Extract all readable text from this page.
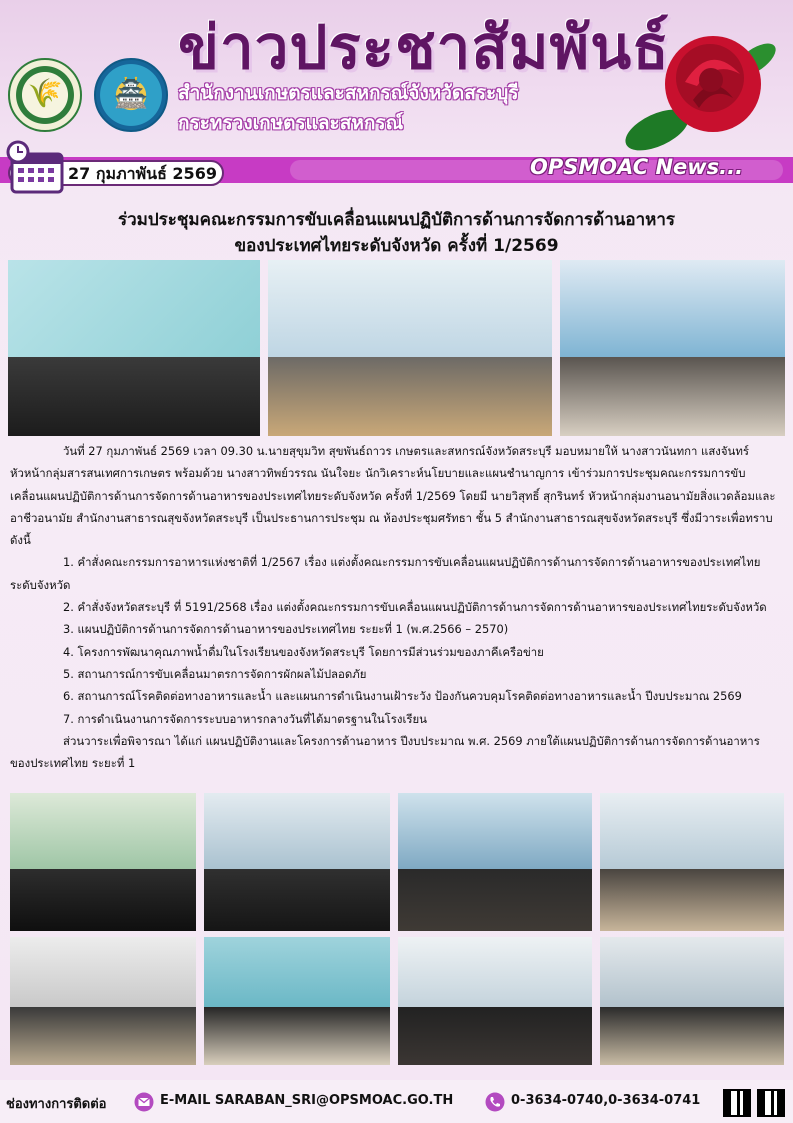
🌾 🏯
ข่าวประชาสัมพันธ์
สำนักงานเกษตรและสหกรณ์จังหวัดสระบุรี
กระทรวงเกษตรและสหกรณ์
OPSMOAC News...
27 กุมภาพันธ์ 2569
ร่วมประชุมคณะกรรมการขับเคลื่อนแผนปฏิบัติการด้านการจัดการด้านอาหาร
ของประเทศไทยระดับจังหวัด ครั้งที่ 1/2569

วันที่ 27 กุมภาพันธ์ 2569 เวลา 09.30 น.นายสุขุมวิท สุขพันธ์ถาวร เกษตรและสหกรณ์จังหวัดสระบุรี มอบหมายให้ นางสาวนันทกา แสงจันทร์ หัวหน้ากลุ่มสารสนเทศการเกษตร พร้อมด้วย นางสาวทิพย์วรรณ นันใจยะ นักวิเคราะห์นโยบายและแผนชำนาญการ เข้าร่วมการประชุมคณะกรรมการขับเคลื่อนแผนปฏิบัติการด้านการจัดการด้านอาหารของประเทศไทยระดับจังหวัด ครั้งที่ 1/2569 โดยมี นายวิสุทธิ์ สุกรินทร์ หัวหน้ากลุ่มงานอนามัยสิ่งแวดล้อมและอาชีวอนามัย สำนักงานสาธารณสุขจังหวัดสระบุรี เป็นประธานการประชุม ณ ห้องประชุมศรัทธา ชั้น 5 สำนักงานสาธารณสุขจังหวัดสระบุรี ซึ่งมีวาระเพื่อทราบ ดังนี้

1. คำสั่งคณะกรรมการอาหารแห่งชาติที่ 1/2567 เรื่อง แต่งตั้งคณะกรรมการขับเคลื่อนแผนปฏิบัติการด้านการจัดการด้านอาหารของประเทศไทยระดับจังหวัด

2. คำสั่งจังหวัดสระบุรี ที่ 5191/2568 เรื่อง แต่งตั้งคณะกรรมการขับเคลื่อนแผนปฏิบัติการด้านการจัดการด้านอาหารของประเทศไทยระดับจังหวัด

3. แผนปฏิบัติการด้านการจัดการด้านอาหารของประเทศไทย ระยะที่ 1 (พ.ศ.2566 – 2570)

4. โครงการพัฒนาคุณภาพน้ำดื่มในโรงเรียนของจังหวัดสระบุรี โดยการมีส่วนร่วมของภาคีเครือข่าย

5. สถานการณ์การขับเคลื่อนมาตรการจัดการผักผลไม้ปลอดภัย

6. สถานการณ์โรคติดต่อทางอาหารและน้ำ และแผนการดำเนินงานเฝ้าระวัง ป้องกันควบคุมโรคติดต่อทางอาหารและน้ำ ปีงบประมาณ 2569

7. การดำเนินงานการจัดการระบบอาหารกลางวันที่ได้มาตรฐานในโรงเรียน

ส่วนวาระเพื่อพิจารณา ได้แก่ แผนปฏิบัติงานและโครงการด้านอาหาร ปีงบประมาณ พ.ศ. 2569 ภายใต้แผนปฏิบัติการด้านการจัดการด้านอาหารของประเทศไทย ระยะที่ 1

ช่องทางการติดต่อ	E-MAIL SARABAN_SRI@OPSMOAC.GO.TH	0-3634-0740,0-3634-0741
